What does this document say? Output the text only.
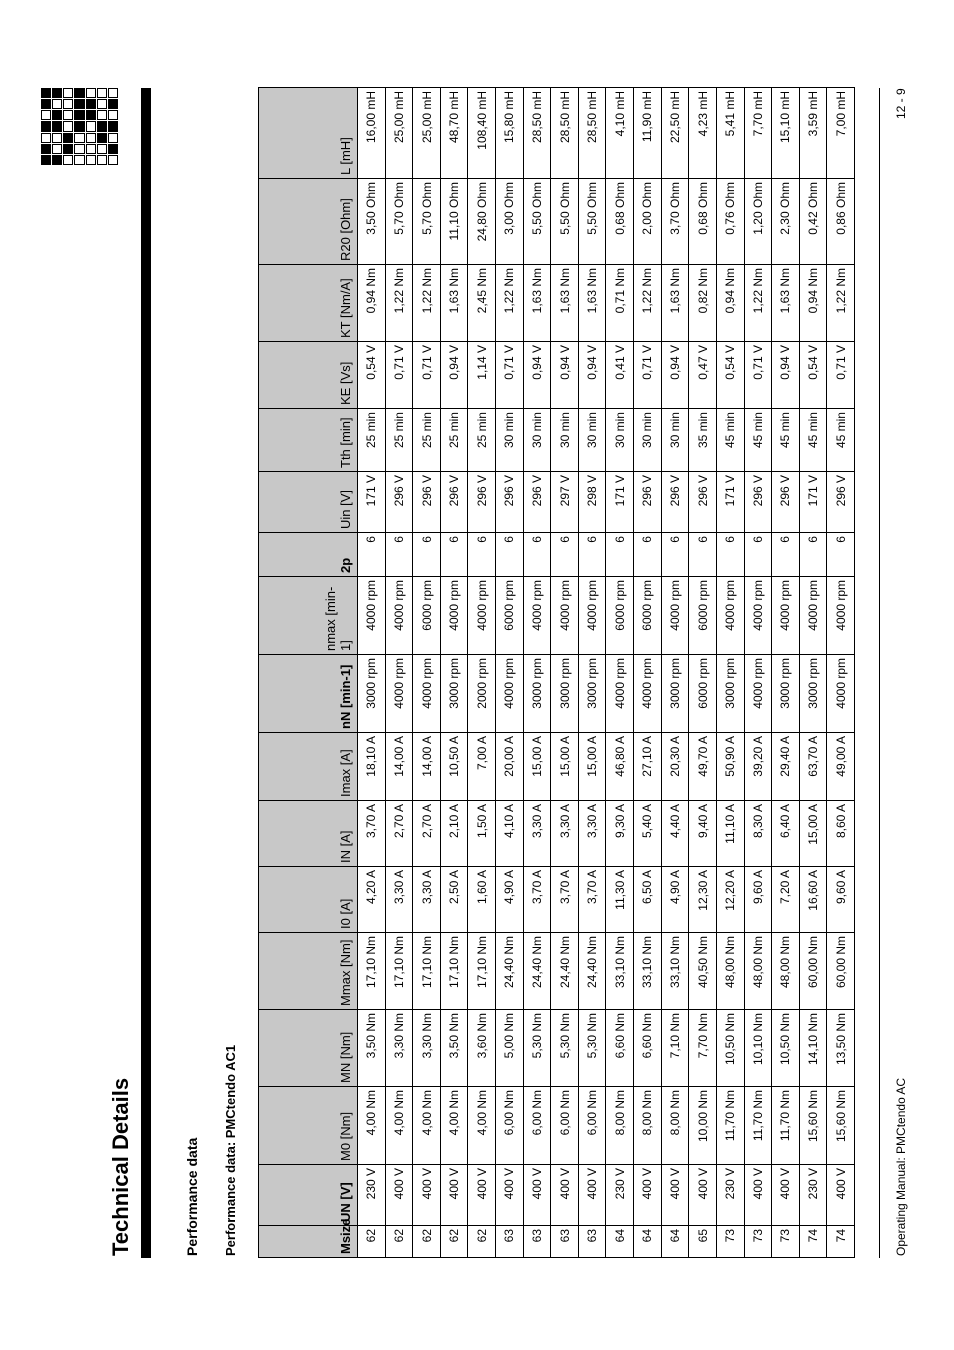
Technical Details	Performance data Performance data: PMCtendo AC1	Operating Manual: PMCtendo AC
12 - 9
Msize	UN [V]	M0 [Nm]	MN [Nm]	Mmax [Nm]	I0 [A]	IN [A]	Imax [A]	nN [min-1]	nmax [min-1]	2p	Uin [V]	Tth [min]	KE [Vs]	KT [Nm/A]	R20 [Ohm]	L [mH]
62	230 V	4,00 Nm	3,50 Nm	17,10 Nm	4,20 A	3,70 A	18,10 A	3000 rpm	4000 rpm	6	171 V	25 min	0,54 V	0,94 Nm	3,50 Ohm	16,00 mH
62	400 V	4,00 Nm	3,30 Nm	17,10 Nm	3,30 A	2,70 A	14,00 A	4000 rpm	4000 rpm	6	296 V	25 min	0,71 V	1,22 Nm	5,70 Ohm	25,00 mH
62	400 V	4,00 Nm	3,30 Nm	17,10 Nm	3,30 A	2,70 A	14,00 A	4000 rpm	6000 rpm	6	296 V	25 min	0,71 V	1,22 Nm	5,70 Ohm	25,00 mH
62	400 V	4,00 Nm	3,50 Nm	17,10 Nm	2,50 A	2,10 A	10,50 A	3000 rpm	4000 rpm	6	296 V	25 min	0,94 V	1,63 Nm	11,10 Ohm	48,70 mH
62	400 V	4,00 Nm	3,60 Nm	17,10 Nm	1,60 A	1,50 A	7,00 A	2000 rpm	4000 rpm	6	296 V	25 min	1,14 V	2,45 Nm	24,80 Ohm	108,40 mH
63	400 V	6,00 Nm	5,00 Nm	24,40 Nm	4,90 A	4,10 A	20,00 A	4000 rpm	6000 rpm	6	296 V	30 min	0,71 V	1,22 Nm	3,00 Ohm	15,80 mH
63	400 V	6,00 Nm	5,30 Nm	24,40 Nm	3,70 A	3,30 A	15,00 A	3000 rpm	4000 rpm	6	296 V	30 min	0,94 V	1,63 Nm	5,50 Ohm	28,50 mH
63	400 V	6,00 Nm	5,30 Nm	24,40 Nm	3,70 A	3,30 A	15,00 A	3000 rpm	4000 rpm	6	297 V	30 min	0,94 V	1,63 Nm	5,50 Ohm	28,50 mH
63	400 V	6,00 Nm	5,30 Nm	24,40 Nm	3,70 A	3,30 A	15,00 A	3000 rpm	4000 rpm	6	298 V	30 min	0,94 V	1,63 Nm	5,50 Ohm	28,50 mH
64	230 V	8,00 Nm	6,60 Nm	33,10 Nm	11,30 A	9,30 A	46,80 A	4000 rpm	6000 rpm	6	171 V	30 min	0,41 V	0,71 Nm	0,68 Ohm	4,10 mH
64	400 V	8,00 Nm	6,60 Nm	33,10 Nm	6,50 A	5,40 A	27,10 A	4000 rpm	6000 rpm	6	296 V	30 min	0,71 V	1,22 Nm	2,00 Ohm	11,90 mH
64	400 V	8,00 Nm	7,10 Nm	33,10 Nm	4,90 A	4,40 A	20,30 A	3000 rpm	4000 rpm	6	296 V	30 min	0,94 V	1,63 Nm	3,70 Ohm	22,50 mH
65	400 V	10,00 Nm	7,70 Nm	40,50 Nm	12,30 A	9,40 A	49,70 A	6000 rpm	6000 rpm	6	296 V	35 min	0,47 V	0,82 Nm	0,68 Ohm	4,23 mH
73	230 V	11,70 Nm	10,50 Nm	48,00 Nm	12,20 A	11,10 A	50,90 A	3000 rpm	4000 rpm	6	171 V	45 min	0,54 V	0,94 Nm	0,76 Ohm	5,41 mH
73	400 V	11,70 Nm	10,10 Nm	48,00 Nm	9,60 A	8,30 A	39,20 A	4000 rpm	4000 rpm	6	296 V	45 min	0,71 V	1,22 Nm	1,20 Ohm	7,70 mH
73	400 V	11,70 Nm	10,50 Nm	48,00 Nm	7,20 A	6,40 A	29,40 A	3000 rpm	4000 rpm	6	296 V	45 min	0,94 V	1,63 Nm	2,30 Ohm	15,10 mH
74	230 V	15,60 Nm	14,10 Nm	60,00 Nm	16,60 A	15,00 A	63,70 A	3000 rpm	4000 rpm	6	171 V	45 min	0,54 V	0,94 Nm	0,42 Ohm	3,59 mH
74	400 V	15,60 Nm	13,50 Nm	60,00 Nm	9,60 A	8,60 A	49,00 A	4000 rpm	4000 rpm	6	296 V	45 min	0,71 V	1,22 Nm	0,86 Ohm	7,00 mH
